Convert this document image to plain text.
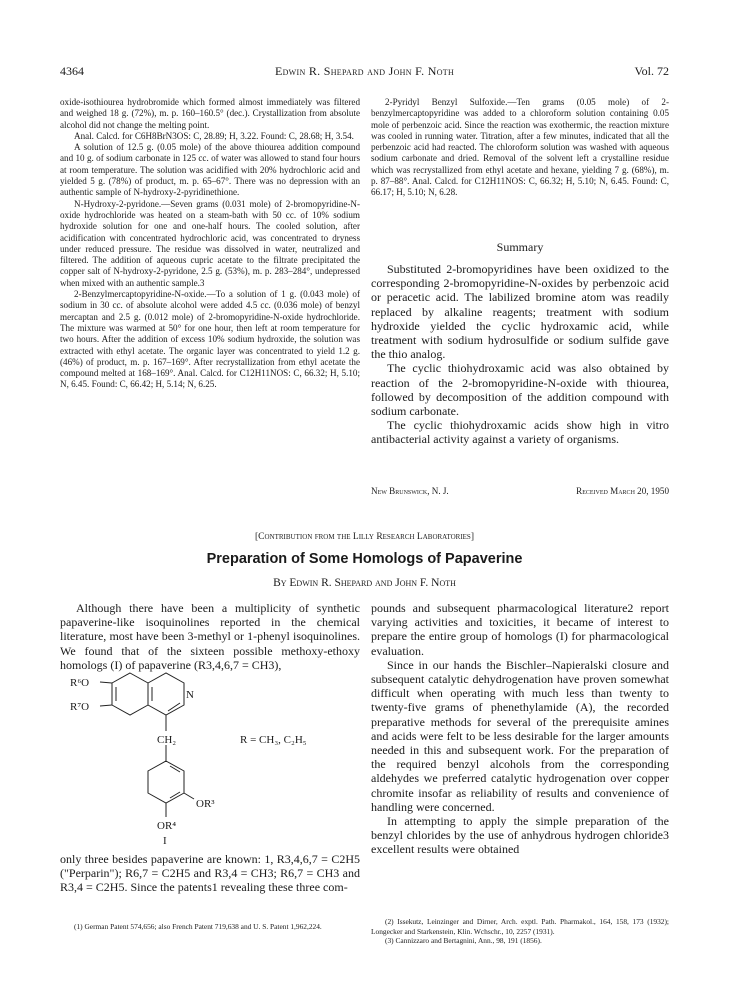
4364	Edwin R. Shepard and John F. Noth	Vol. 72

oxide-isothiourea hydrobromide which formed almost immediately was filtered and weighed 18 g. (72%), m. p. 160–160.5° (dec.). Crystallization from absolute alcohol did not change the melting point.

Anal. Calcd. for C6H8BrN3OS: C, 28.89; H, 3.22. Found: C, 28.68; H, 3.54.

A solution of 12.5 g. (0.05 mole) of the above thiourea addition compound and 10 g. of sodium carbonate in 125 cc. of water was allowed to stand four hours at room temperature. The solution was acidified with 20% hydrochloric acid and yielded 5 g. (78%) of product, m. p. 65–67°. There was no depression with an authentic sample of N-hydroxy-2-pyridinethione.

N-Hydroxy-2-pyridone.—Seven grams (0.031 mole) of 2-bromopyridine-N-oxide hydrochloride was heated on a steam-bath with 50 cc. of 10% sodium hydroxide solution for one and one-half hours. The cooled solution, after acidification with concentrated hydrochloric acid, was concentrated to dryness under reduced pressure. The residue was dissolved in water, neutralized and filtered. The addition of aqueous cupric acetate to the filtrate precipitated the copper salt of N-hydroxy-2-pyridone, 2.5 g. (53%), m. p. 283–284°, undepressed when mixed with an authentic sample.3

2-Benzylmercaptopyridine-N-oxide.—To a solution of 1 g. (0.043 mole) of sodium in 30 cc. of absolute alcohol were added 4.5 cc. (0.036 mole) of benzyl mercaptan and 2.5 g. (0.012 mole) of 2-bromopyridine-N-oxide hydrochloride. The mixture was warmed at 50° for one hour, then left at room temperature for two hours. After the addition of excess 10% sodium hydroxide, the solution was extracted with ethyl acetate. The organic layer was concentrated to yield 1.2 g. (46%) of product, m. p. 167–169°. After recrystallization from ethyl acetate the compound melted at 168–169°. Anal. Calcd. for C12H11NOS: C, 66.32; H, 5.10; N, 6.45. Found: C, 66.42; H, 5.14; N, 6.25.

2-Pyridyl Benzyl Sulfoxide.—Ten grams (0.05 mole) of 2-benzylmercaptopyridine was added to a chloroform solution containing 0.05 mole of perbenzoic acid. Since the reaction was exothermic, the reaction mixture was cooled in running water. Titration, after a few minutes, indicated that all the perbenzoic acid had reacted. The chloroform solution was washed with aqueous sodium carbonate and dried. Removal of the solvent left a crystalline residue which was recrystallized from ethyl acetate and hexane, yielding 7 g. (68%), m. p. 87–88°. Anal. Calcd. for C12H11NOS: C, 66.32; H, 5.10; N, 6.45. Found: C, 66.17; H, 5.10; N, 6.28.

Summary

Substituted 2-bromopyridines have been oxidized to the corresponding 2-bromopyridine-N-oxides by perbenzoic acid or peracetic acid. The labilized bromine atom was readily replaced by alkaline reagents; treatment with sodium hydroxide yielded the cyclic hydroxamic acid, while treatment with sodium hydrosulfide or sodium sulfide gave the thio analog.

The cyclic thiohydroxamic acid was also obtained by reaction of the 2-bromopyridine-N-oxide with thiourea, followed by decomposition of the addition compound with sodium carbonate.

The cyclic thiohydroxamic acids show high in vitro antibacterial activity against a variety of organisms.

New Brunswick, N. J.	Received March 20, 1950
[Contribution from the Lilly Research Laboratories]
Preparation of Some Homologs of Papaverine
By Edwin R. Shepard and John F. Noth

Although there have been a multiplicity of synthetic papaverine-like isoquinolines reported in the chemical literature, most have been 3-methyl or 1-phenyl isoquinolines. We found that of the sixteen possible methoxy-ethoxy homologs (I) of papaverine (R3,4,6,7 = CH3),

R⁶O
R⁷O
N
CH₂
OR³
OR⁴
I
R = CH₃, C₂H₅

only three besides papaverine are known: 1, R3,4,6,7 = C2H5 ("Perparin"); R6,7 = C2H5 and R3,4 = CH3; R6,7 = CH3 and R3,4 = C2H5. Since the patents1 revealing these three com-

(1) German Patent 574,656; also French Patent 719,638 and U. S. Patent 1,962,224.

pounds and subsequent pharmacological literature2 report varying activities and toxicities, it became of interest to prepare the entire group of homologs (I) for pharmacological evaluation.

Since in our hands the Bischler–Napieralski closure and subsequent catalytic dehydrogenation have proven somewhat difficult when operating with much less than twenty to twenty-five grams of phenethylamide (A), the recorded preparative methods for several of the prerequisite amines and acids were felt to be less desirable for the larger amounts needed in this and subsequent work. For the preparation of the required benzyl alcohols from the corresponding aldehydes we preferred catalytic hydrogenation over copper chromite insofar as reliability of results and convenience of handling were concerned.

In attempting to apply the simple preparation of the benzyl chlorides by the use of anhydrous hydrogen chloride3 excellent results were obtained

(2) Issekutz, Leinzinger and Dirner, Arch. exptl. Path. Pharmakol., 164, 158, 173 (1932); Longecker and Starkenstein, Klin. Wchschr., 10, 2257 (1931).

(3) Cannizzaro and Bertagnini, Ann., 98, 191 (1856).
